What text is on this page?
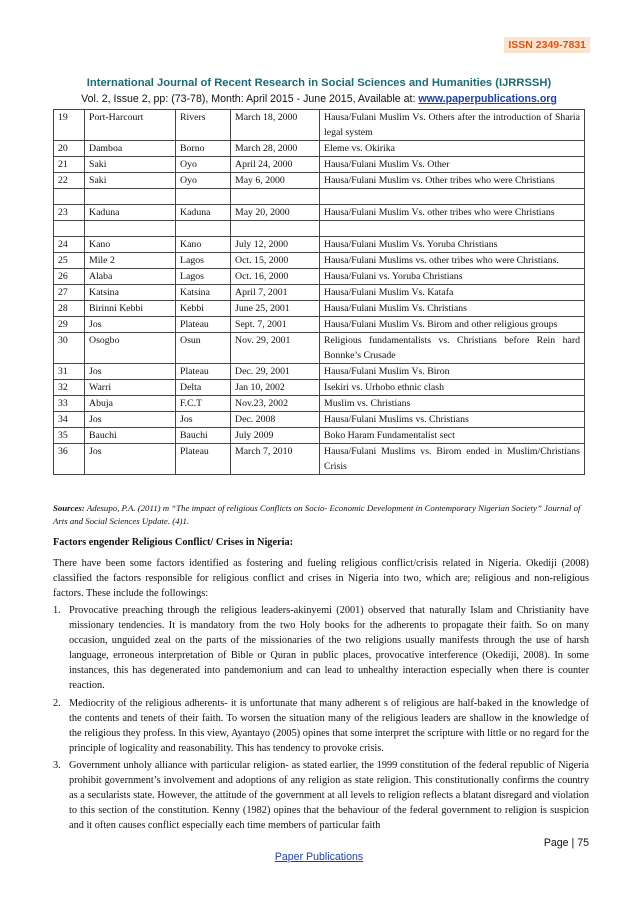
ISSN 2349-7831
International Journal of Recent Research in Social Sciences and Humanities (IJRRSSH)
Vol. 2, Issue 2, pp: (73-78), Month: April 2015 - June 2015, Available at: www.paperpublications.org
19	Port-Harcourt	Rivers	March 18, 2000	Hausa/Fulani Muslim Vs. Others after the introduction of Sharia legal system
20	Damboa	Borno	March 28, 2000	Eleme vs. Okirika
21	Saki	Oyo	April 24, 2000	Hausa/Fulani Muslim Vs. Other
22	Saki	Oyo	May 6, 2000	Hausa/Fulani Muslim vs. Other tribes who were Christians

23	Kaduna	Kaduna	May 20, 2000	Hausa/Fulani Muslim Vs. other tribes who were Christians

24	Kano	Kano	July 12, 2000	Hausa/Fulani Muslim Vs. Yoruba Christians
25	Mile 2	Lagos	Oct. 15, 2000	Hausa/Fulani Muslims vs. other tribes who were Christians.
26	Alaba	Lagos	Oct. 16, 2000	Hausa/Fulani vs. Yoruba Christians
27	Katsina	Katsina	April 7, 2001	Hausa/Fulani Muslim Vs. Katafa
28	Birinni Kebbi	Kebbi	June 25, 2001	Hausa/Fulani Muslim Vs. Christians
29	Jos	Plateau	Sept. 7, 2001	Hausa/Fulani Muslim Vs. Birom and other religious groups
30	Osogbo	Osun	Nov. 29, 2001	Religious fundamentalists vs. Christians before Rein hard Bonnke’s Crusade
31	Jos	Plateau	Dec. 29, 2001	Hausa/Fulani Muslim Vs. Biron
32	Warri	Delta	Jan 10, 2002	Isekiri vs. Urhobo ethnic clash
33	Abuja	F.C.T	Nov.23, 2002	Muslim vs. Christians
34	Jos	Jos	Dec. 2008	Hausa/Fulani Muslims vs. Christians
35	Bauchi	Bauchi	July 2009	Boko Haram Fundamentalist sect
36	Jos	Plateau	March 7, 2010	Hausa/Fulani Muslims vs. Birom ended in Muslim/Christians Crisis
Sources: Adesupo, P.A. (2011) m “The impact of religious Conflicts on Socio- Economic Development in Contemporary Nigerian Society” Journal of Arts and Social Sciences Update. (4)1.
Factors engender Religious Conflict/ Crises in Nigeria:
There have been some factors identified as fostering and fueling religious conflict/crisis related in Nigeria. Okediji (2008) classified the factors responsible for religious conflict and crises in Nigeria into two, which are; religious and non-religious factors. These include the followings:
1. Provocative preaching through the religious leaders-akinyemi (2001) observed that naturally Islam and Christianity have missionary tendencies. It is mandatory from the two Holy books for the adherents to propagate their faith. So on many occasion, unguided zeal on the parts of the missionaries of the two religions usually manifests through the use of harsh language, erroneous interpretation of Bible or Quran in public places, provocative interference (Okediji, 2008). In some instances, this has degenerated into pandemonium and can lead to unhealthy interaction especially when there is counter reaction.
2. Mediocrity of the religious adherents- it is unfortunate that many adherent s of religious are half-baked in the knowledge of the contents and tenets of their faith. To worsen the situation many of the religious leaders are shallow in the knowledge of the religious they profess. In this view, Ayantayo (2005) opines that some interpret the scripture with little or no regard for the principle of logicality and reasonability. This has tendency to provoke crisis.
3. Government unholy alliance with particular religion- as stated earlier, the 1999 constitution of the federal republic of Nigeria prohibit government’s involvement and adoptions of any religion as state religion. This constitutionally confirms the country as a secularists state. However, the attitude of the government at all levels to religion reflects a blatant disregard and violation to this section of the constitution. Kenny (1982) opines that the behaviour of the federal government to religion is suspicion and it often causes conflict especially each time members of particular faith
Page | 75
Paper Publications
